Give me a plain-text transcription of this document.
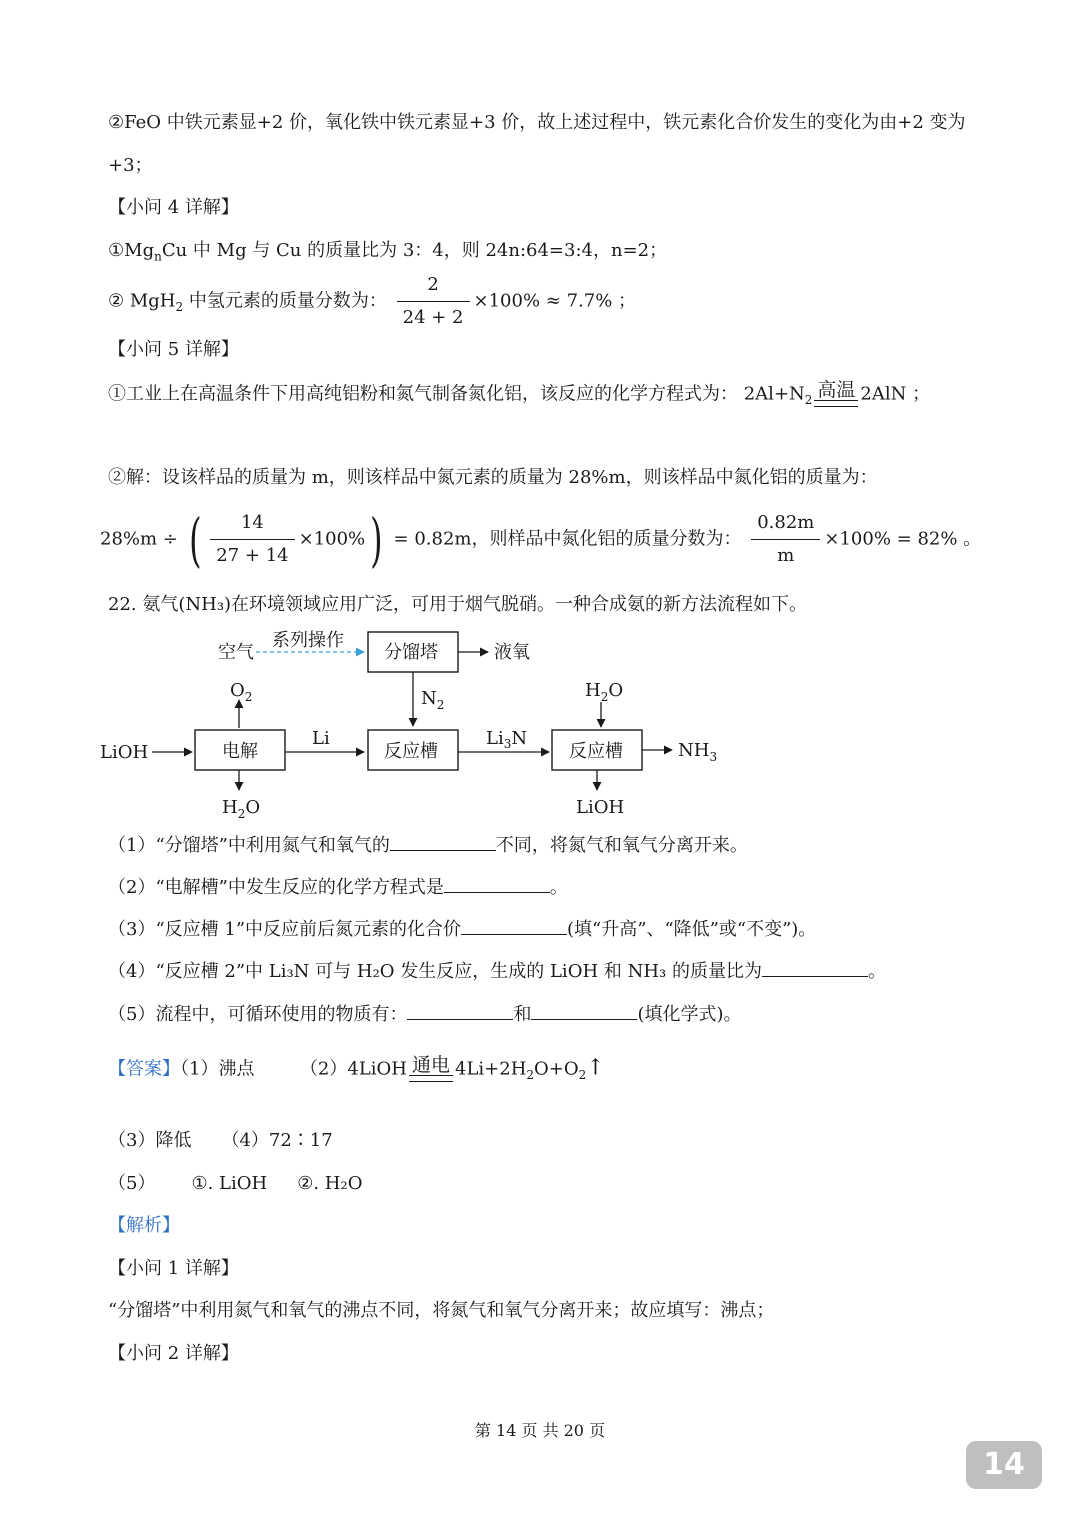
②FeO 中铁元素显+2 价，氧化铁中铁元素显+3 价，故上述过程中，铁元素化合价发生的变化为由+2 变为
+3；
【小问 4 详解】
$①Mg_nCu$ 中 Mg 与 Cu 的质量比为 3：4，则 24n:64=3:4，n=2；
② MgH$_2$ 中氢元素的质量分数为： $\frac{2}{24 + 2} \times 100\% \approx 7.7\%$ ；
【小问 5 详解】
①工业上在高温条件下用高纯铝粉和氮气制备氮化铝，该反应的化学方程式为： $2Al+N_2$ 高温 2AlN ；
②解：设该样品的质量为 m，则该样品中氮元素的质量为 28%m，则该样品中氮化铝的质量为：
28%m ÷ ( $\frac{14}{27 + 14} \times 100\%) = 0.82m$，则样品中氮化铝的质量分数为： $\frac{0.82m}{m} \times 100\% = 82\%$ 。
22. 氨气(NH₃)在环境领域应用广泛，可用于烟气脱硝。一种合成氨的新方法流程如下。
空气
系列操作
分馏塔	液氧
$N_2$
$O_2$
LiOH	电解
Li
反应槽
$Li_3N$
反应槽	$NH_3$
$H_2O$
$H_2O$	LiOH
（1）“分馏塔”中利用氮气和氧气的	不同，将氮气和氧气分离开来。
（2）“电解槽”中发生反应的化学方程式是	。
（3）“反应槽 1”中反应前后氮元素的化合价	(填“升高”、“降低”或“不变”)。
（4）“反应槽 2”中 Li₃N 可与 H₂O 发生反应，生成的 LiOH 和 NH₃ 的质量比为	。
（5）流程中，可循环使用的物质有：	和	(填化学式)。
【答案】（1）沸点	（2）4LiOH 通电 $4Li+2H_2O+O_2↑$
（3）降低 （4）72∶17
（5） ①. LiOH ②. H₂O
【解析】
【小问 1 详解】
“分馏塔”中利用氮气和氧气的沸点不同，将氮气和氧气分离开来；故应填写：沸点；
【小问 2 详解】
第 14 页 共 20 页
14
